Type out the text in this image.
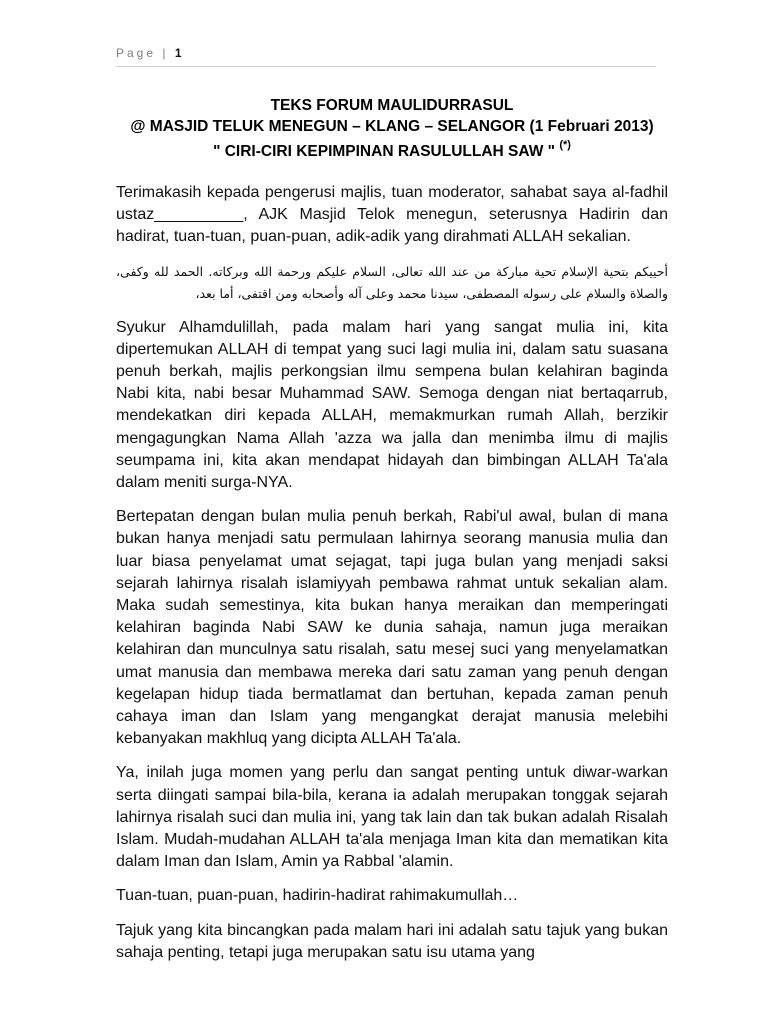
Page | 1
TEKS FORUM MAULIDURRASUL
@ MASJID TELUK MENEGUN – KLANG – SELANGOR (1 Februari 2013)
" CIRI-CIRI KEPIMPINAN RASULULLAH SAW " (*)

Terimakasih kepada pengerusi majlis, tuan moderator, sahabat saya al-fadhil ustaz__________, AJK Masjid Telok menegun, seterusnya Hadirin dan hadirat, tuan-tuan, puan-puan, adik-adik yang dirahmati ALLAH sekalian.

أحييكم بتحية الإسلام تحية مباركة من عند الله تعالى، السلام عليكم ورحمة الله وبركاته. الحمد لله وكفى، والصلاة والسلام على رسوله المصطفى، سيدنا محمد وعلى آله وأصحابه ومن اقتفى، أما بعد،

Syukur Alhamdulillah, pada malam hari yang sangat mulia ini, kita dipertemukan ALLAH di tempat yang suci lagi mulia ini, dalam satu suasana penuh berkah, majlis perkongsian ilmu sempena bulan kelahiran baginda Nabi kita, nabi besar Muhammad SAW. Semoga dengan niat bertaqarrub, mendekatkan diri kepada ALLAH, memakmurkan rumah Allah, berzikir mengagungkan Nama Allah 'azza wa jalla dan menimba ilmu di majlis seumpama ini, kita akan mendapat hidayah dan bimbingan ALLAH Ta'ala dalam meniti surga-NYA.

Bertepatan dengan bulan mulia penuh berkah, Rabi'ul awal, bulan di mana bukan hanya menjadi satu permulaan lahirnya seorang manusia mulia dan luar biasa penyelamat umat sejagat, tapi juga bulan yang menjadi saksi sejarah lahirnya risalah islamiyyah pembawa rahmat untuk sekalian alam. Maka sudah semestinya, kita bukan hanya meraikan dan memperingati kelahiran baginda Nabi SAW ke dunia sahaja, namun juga meraikan kelahiran dan munculnya satu risalah, satu mesej suci yang menyelamatkan umat manusia dan membawa mereka dari satu zaman yang penuh dengan kegelapan hidup tiada bermatlamat dan bertuhan, kepada zaman penuh cahaya iman dan Islam yang mengangkat derajat manusia melebihi kebanyakan makhluq yang dicipta ALLAH Ta'ala.

Ya, inilah juga momen yang perlu dan sangat penting untuk diwar-warkan serta diingati sampai bila-bila, kerana ia adalah merupakan tonggak sejarah lahirnya risalah suci dan mulia ini, yang tak lain dan tak bukan adalah Risalah Islam. Mudah-mudahan ALLAH ta'ala menjaga Iman kita dan mematikan kita dalam Iman dan Islam, Amin ya Rabbal 'alamin.

Tuan-tuan, puan-puan, hadirin-hadirat rahimakumullah…

Tajuk yang kita bincangkan pada malam hari ini adalah satu tajuk yang bukan sahaja penting, tetapi juga merupakan satu isu utama yang
